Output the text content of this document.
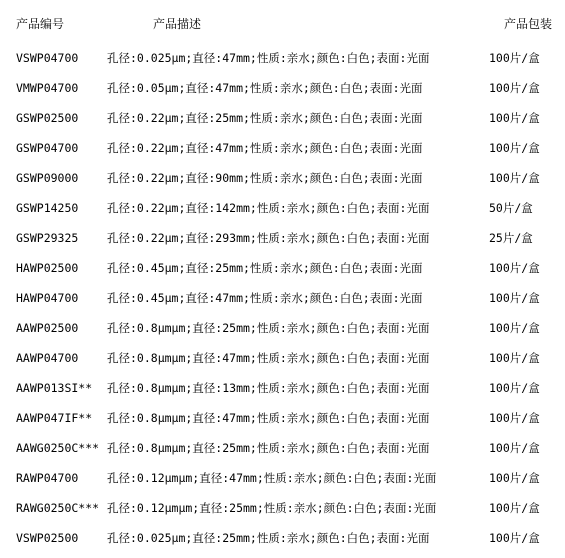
产品编号	产品描述	产品包装
VSWP04700 孔径:0.025μm;直径:47mm;性质:亲水;颜色:白色;表面:光面	100片/盒
VMWP04700 孔径:0.05μm;直径:47mm;性质:亲水;颜色:白色;表面:光面	100片/盒
GSWP02500 孔径:0.22μm;直径:25mm;性质:亲水;颜色:白色;表面:光面	100片/盒
GSWP04700 孔径:0.22μm;直径:47mm;性质:亲水;颜色:白色;表面:光面	100片/盒
GSWP09000 孔径:0.22μm;直径:90mm;性质:亲水;颜色:白色;表面:光面	100片/盒
GSWP14250 孔径:0.22μm;直径:142mm;性质:亲水;颜色:白色;表面:光面	50片/盒
GSWP29325 孔径:0.22μm;直径:293mm;性质:亲水;颜色:白色;表面:光面	25片/盒
HAWP02500 孔径:0.45μm;直径:25mm;性质:亲水;颜色:白色;表面:光面	100片/盒
HAWP04700 孔径:0.45μm;直径:47mm;性质:亲水;颜色:白色;表面:光面	100片/盒
AAWP02500 孔径:0.8μmμm;直径:25mm;性质:亲水;颜色:白色;表面:光面	100片/盒
AAWP04700 孔径:0.8μmμm;直径:47mm;性质:亲水;颜色:白色;表面:光面	100片/盒
AAWP013SI** 孔径:0.8μmμm;直径:13mm;性质:亲水;颜色:白色;表面:光面	100片/盒
AAWP047IF** 孔径:0.8μmμm;直径:47mm;性质:亲水;颜色:白色;表面:光面	100片/盒
AAWG0250C*** 孔径:0.8μmμm;直径:25mm;性质:亲水;颜色:白色;表面:光面	100片/盒
RAWP04700 孔径:0.12μmμm;直径:47mm;性质:亲水;颜色:白色;表面:光面	100片/盒
RAWG0250C*** 孔径:0.12μmμm;直径:25mm;性质:亲水;颜色:白色;表面:光面	100片/盒
VSWP02500 孔径:0.025μm;直径:25mm;性质:亲水;颜色:白色;表面:光面	100片/盒
